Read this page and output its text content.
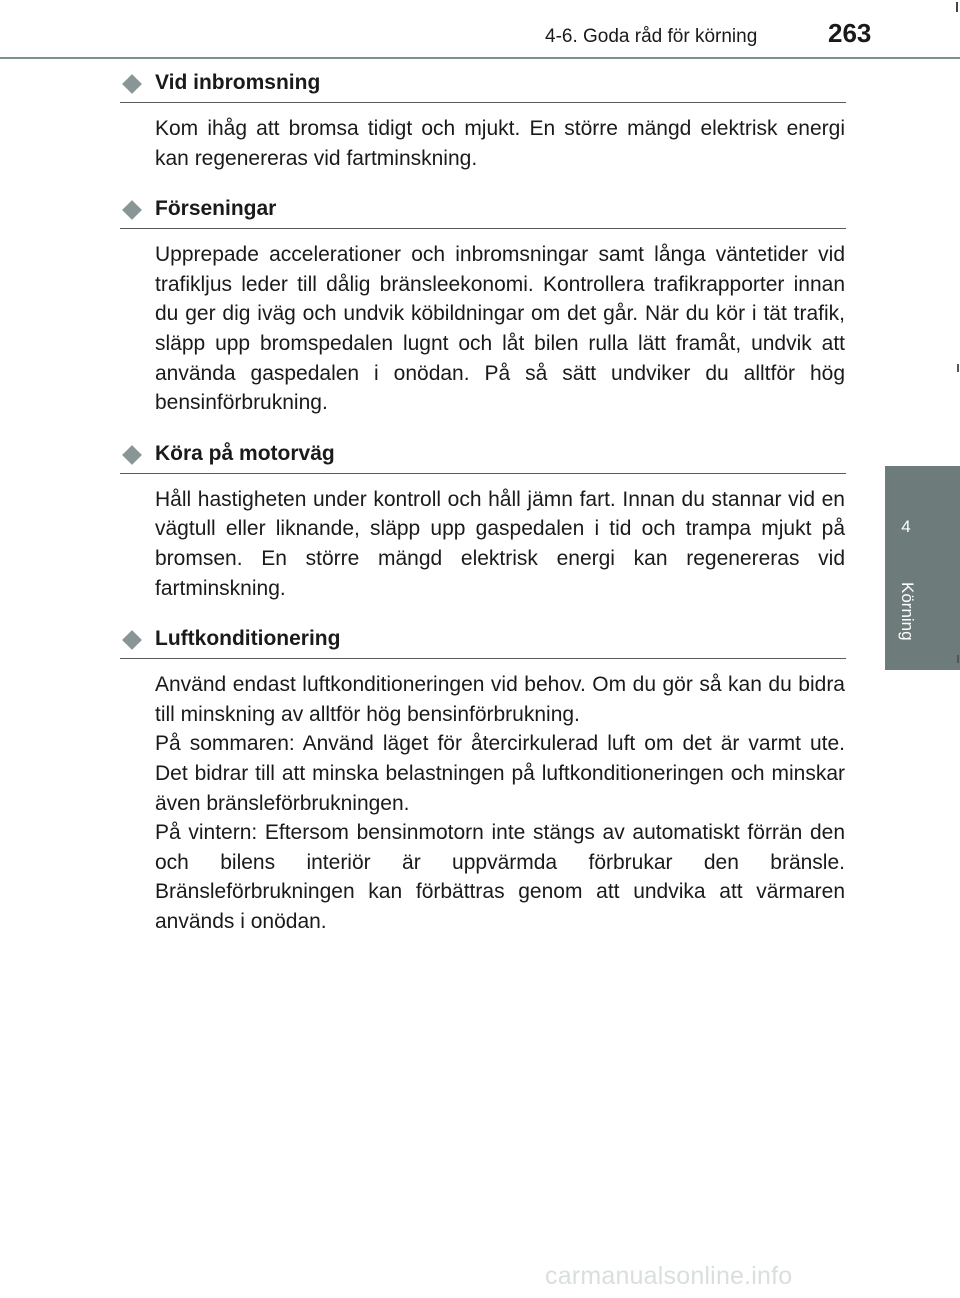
4-6. Goda råd för körning	263
4
Körning
Vid inbromsning

Kom ihåg att bromsa tidigt och mjukt. En större mängd elektrisk energi kan regenereras vid fartminskning.

Förseningar

Upprepade accelerationer och inbromsningar samt långa väntetider vid trafikljus leder till dålig bränsleekonomi. Kontrollera trafikrapporter innan du ger dig iväg och undvik köbildningar om det går. När du kör i tät trafik, släpp upp bromspedalen lugnt och låt bilen rulla lätt framåt, undvik att använda gaspedalen i onödan. På så sätt undviker du alltför hög bensinförbrukning.

Köra på motorväg

Håll hastigheten under kontroll och håll jämn fart. Innan du stannar vid en vägtull eller liknande, släpp upp gaspedalen i tid och trampa mjukt på bromsen. En större mängd elektrisk energi kan regenereras vid fartminskning.

Luftkonditionering

Använd endast luftkonditioneringen vid behov. Om du gör så kan du bidra till minskning av alltför hög bensinförbrukning.

På sommaren: Använd läget för återcirkulerad luft om det är varmt ute. Det bidrar till att minska belastningen på luftkonditioneringen och minskar även bränsleförbrukningen.

På vintern: Eftersom bensinmotorn inte stängs av automatiskt förrän den och bilens interiör är uppvärmda förbrukar den bränsle. Bränsleförbrukningen kan förbättras genom att undvika att värmaren används i onödan.

carmanualsonline.info
